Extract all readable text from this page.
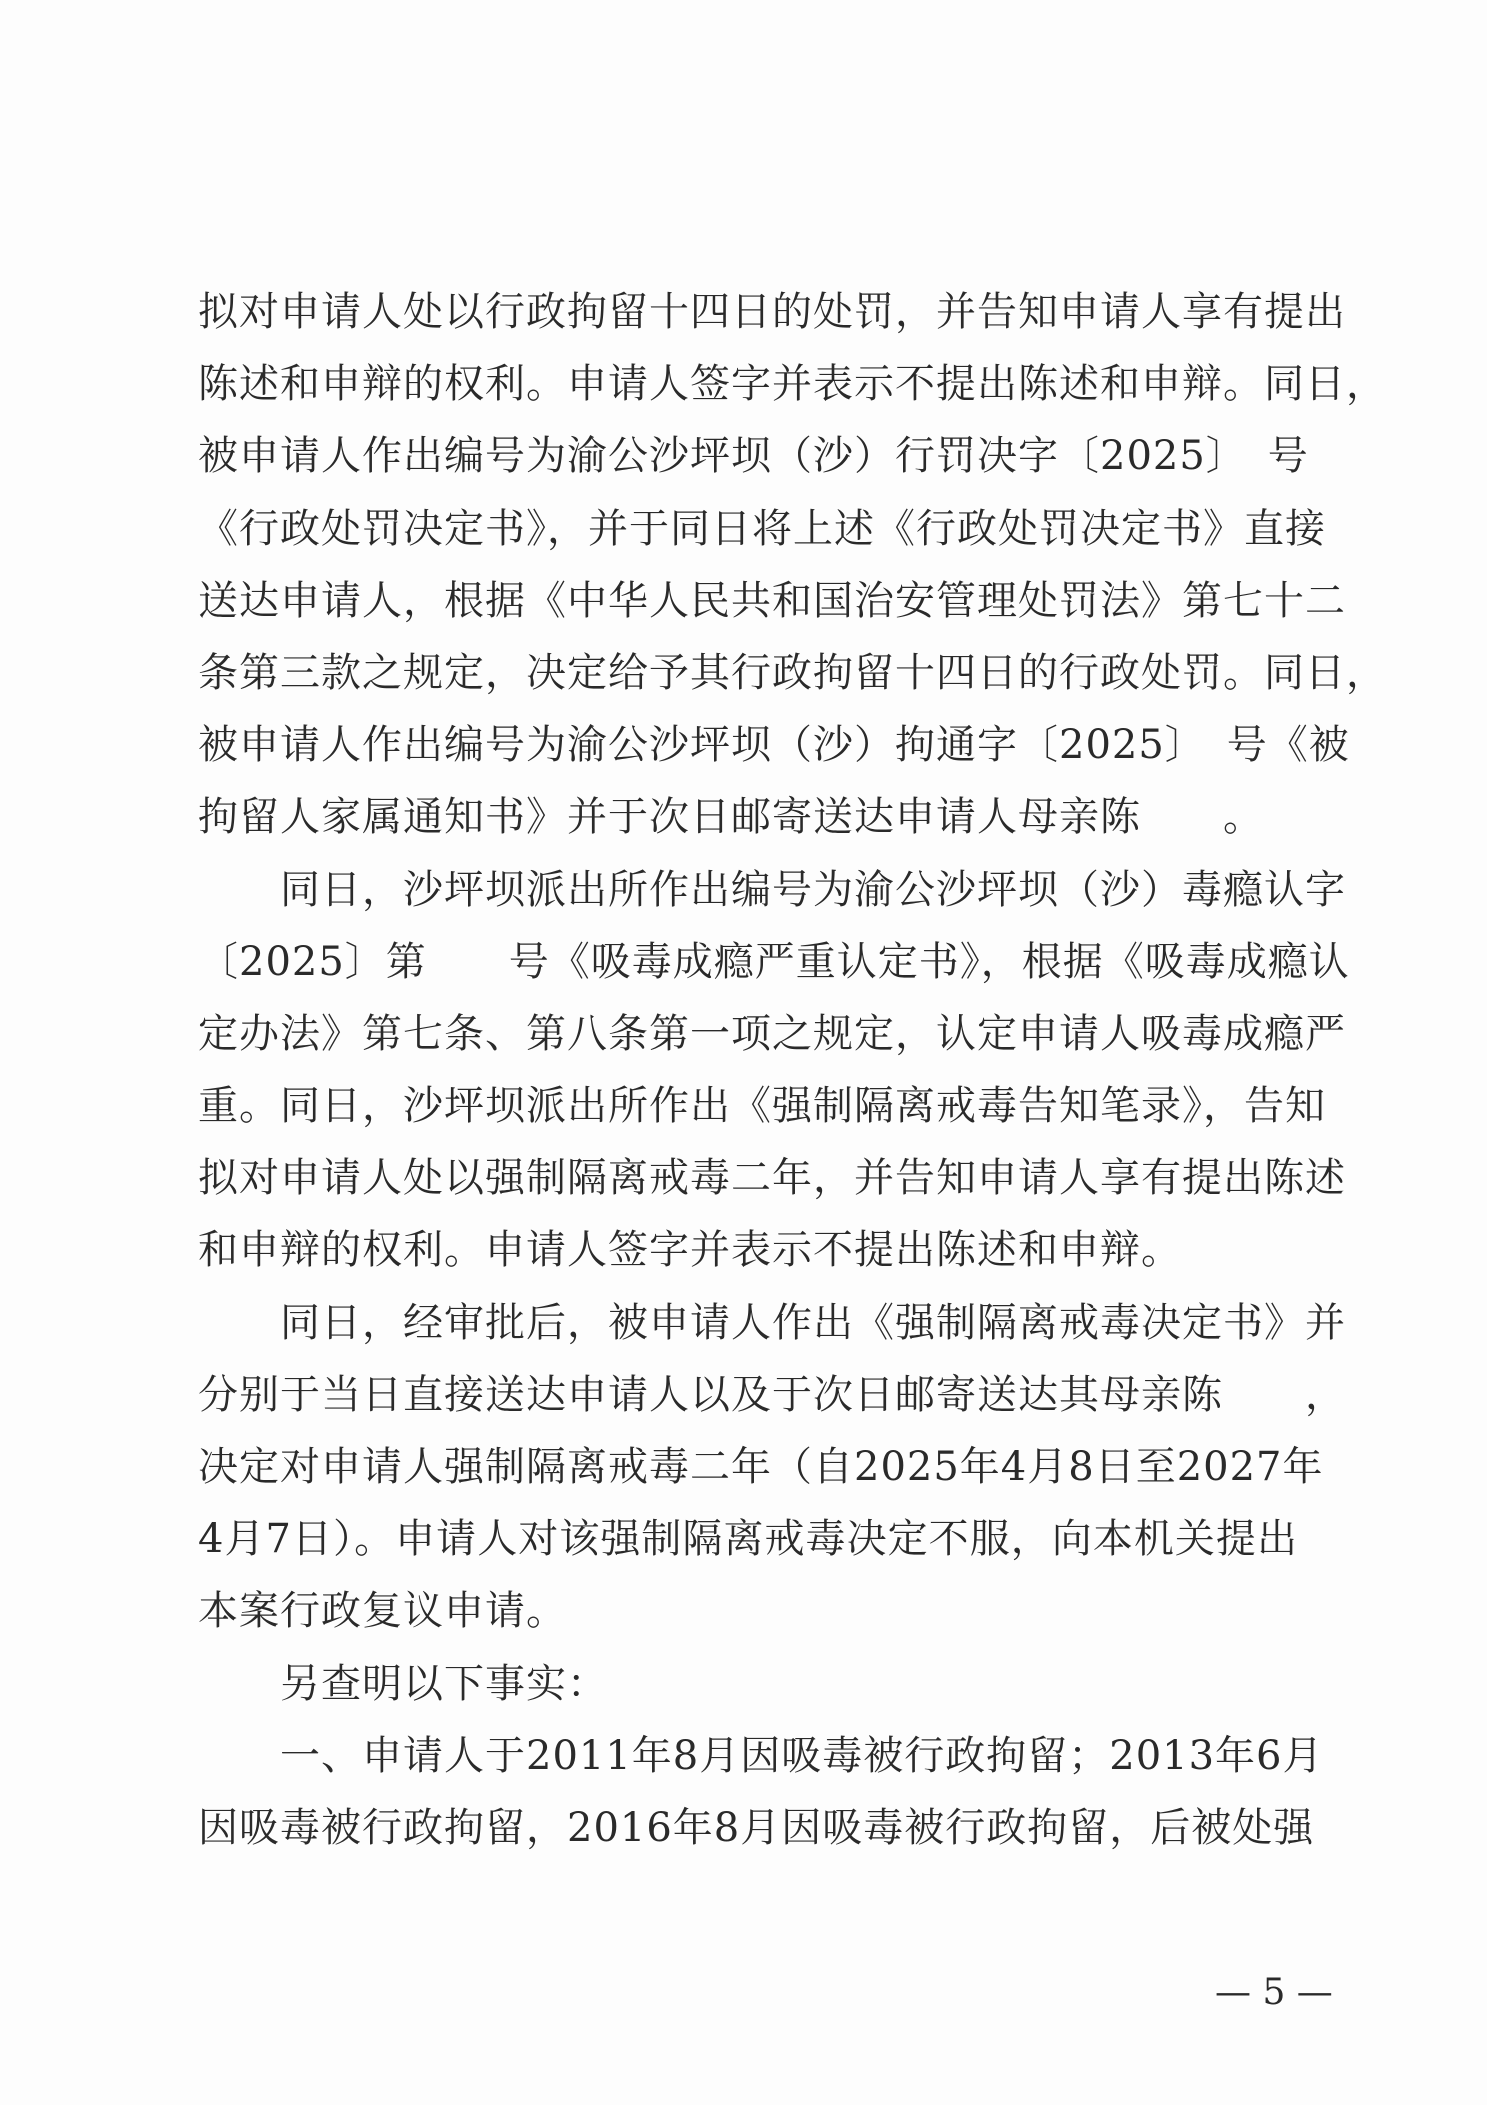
拟对申请人处以行政拘留十四日的处罚，并告知申请人享有提出
陈述和申辩的权利。申请人签字并表示不提出陈述和申辩。同日，
被申请人作出编号为渝公沙坪坝（沙）行罚决字〔2025〕　号
《行政处罚决定书》，并于同日将上述《行政处罚决定书》直接
送达申请人，根据《中华人民共和国治安管理处罚法》第七十二
条第三款之规定，决定给予其行政拘留十四日的行政处罚。同日，
被申请人作出编号为渝公沙坪坝（沙）拘通字〔2025〕　号《被
拘留人家属通知书》并于次日邮寄送达申请人母亲陈　　。
　　同日，沙坪坝派出所作出编号为渝公沙坪坝（沙）毒瘾认字
〔2025〕第　　号《吸毒成瘾严重认定书》，根据《吸毒成瘾认
定办法》第七条、第八条第一项之规定，认定申请人吸毒成瘾严
重。同日，沙坪坝派出所作出《强制隔离戒毒告知笔录》，告知
拟对申请人处以强制隔离戒毒二年，并告知申请人享有提出陈述
和申辩的权利。申请人签字并表示不提出陈述和申辩。
　　同日，经审批后，被申请人作出《强制隔离戒毒决定书》并
分别于当日直接送达申请人以及于次日邮寄送达其母亲陈　　，
决定对申请人强制隔离戒毒二年（自2025年4月8日至2027年
4月7日）。申请人对该强制隔离戒毒决定不服，向本机关提出
本案行政复议申请。
　　另查明以下事实：
　　一、申请人于2011年8月因吸毒被行政拘留；2013年6月
因吸毒被行政拘留，2016年8月因吸毒被行政拘留，后被处强
— 5 —
